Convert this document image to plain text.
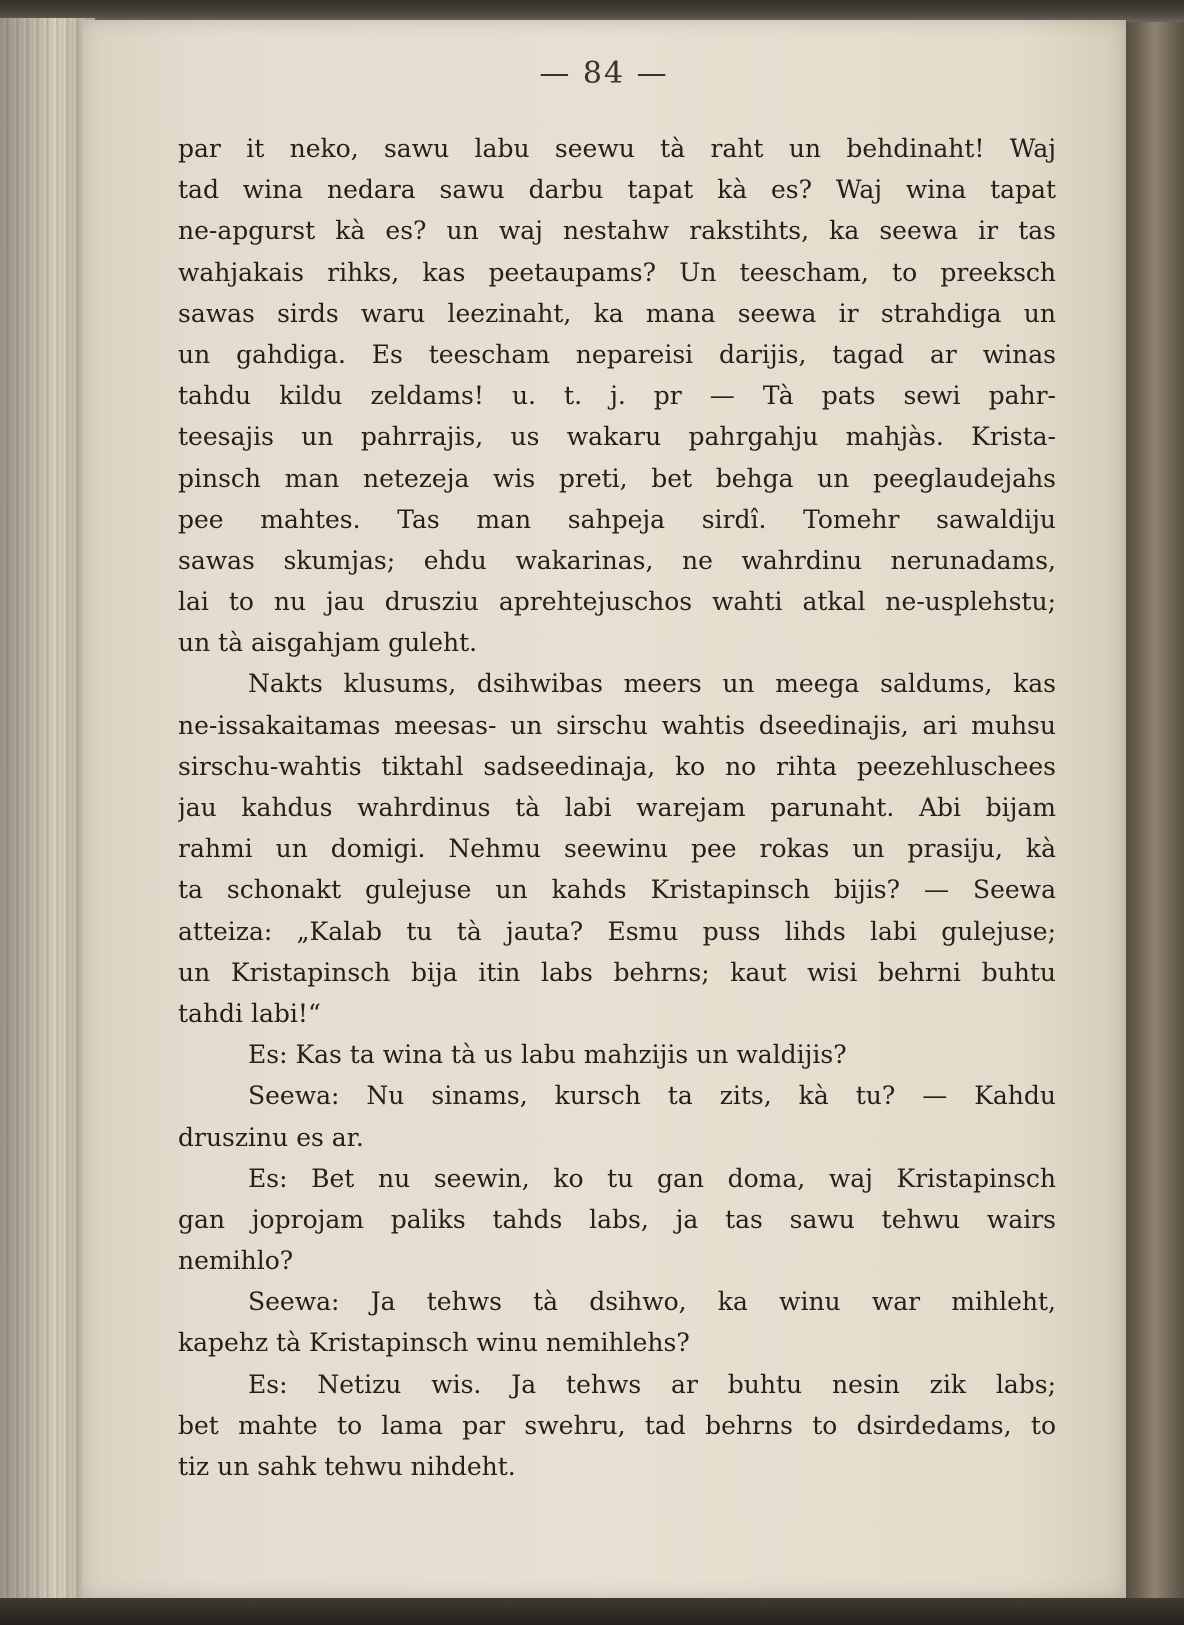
— 84 —
par it neko, sawu labu seewu tà raht un behdinaht! Waj
tad wina nedara sawu darbu tapat kà es? Waj wina tapat
ne-apgurst kà es? un waj nestahw rakstihts, ka seewa ir tas
wahjakais rihks, kas peetaupams? Un teescham, to preeksch
sawas sirds waru leezinaht, ka mana seewa ir strahdiga un
un gahdiga. Es teescham nepareisi darijis, tagad ar winas
tahdu kildu zeldams! u. t. j. pr — Tà pats sewi pahr-
teesajis un pahrrajis, us wakaru pahrgahju mahjàs. Krista-
pinsch man netezeja wis preti, bet behga un peeglaudejahs
pee mahtes. Tas man sahpeja sirdî. Tomehr sawaldiju
sawas skumjas; ehdu wakarinas, ne wahrdinu nerunadams,
lai to nu jau drusziu aprehtejuschos wahti atkal ne-usplehstu;
un tà aisgahjam guleht.
Nakts klusums, dsihwibas meers un meega saldums, kas
ne-issakaitamas meesas- un sirschu wahtis dseedinajis, ari muhsu
sirschu-wahtis tiktahl sadseedinaja, ko no rihta peezehluschees
jau kahdus wahrdinus tà labi warejam parunaht. Abi bijam
rahmi un domigi. Nehmu seewinu pee rokas un prasiju, kà
ta schonakt gulejuse un kahds Kristapinsch bijis? — Seewa
atteiza: „Kalab tu tà jauta? Esmu puss lihds labi gulejuse;
un Kristapinsch bija itin labs behrns; kaut wisi behrni buhtu
tahdi labi!“
Es: Kas ta wina tà us labu mahzijis un waldijis?
Seewa: Nu sinams, kursch ta zits, kà tu? — Kahdu
druszinu es ar.
Es: Bet nu seewin, ko tu gan doma, waj Kristapinsch
gan joprojam paliks tahds labs, ja tas sawu tehwu wairs
nemihlo?
Seewa: Ja tehws tà dsihwo, ka winu war mihleht,
kapehz tà Kristapinsch winu nemihlehs?
Es: Netizu wis. Ja tehws ar buhtu nesin zik labs;
bet mahte to lama par swehru, tad behrns to dsirdedams, to
tiz un sahk tehwu nihdeht.
